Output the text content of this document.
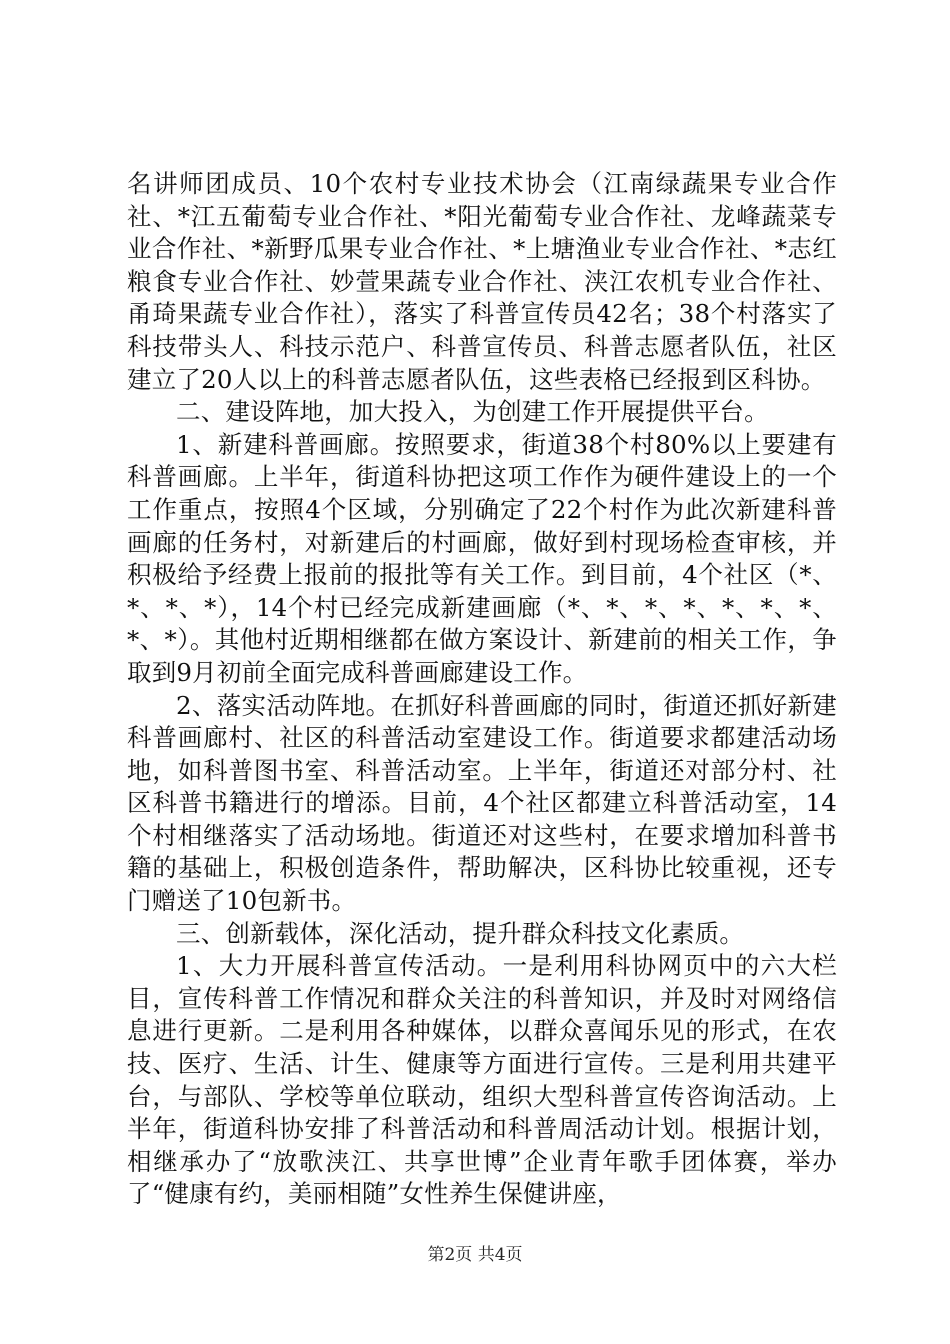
名讲师团成员、10个农村专业技术协会（江南绿蔬果专业合作社、*江五葡萄专业合作社、*阳光葡萄专业合作社、龙峰蔬菜专业合作社、*新野瓜果专业合作社、*上塘渔业专业合作社、*志红粮食专业合作社、妙萱果蔬专业合作社、浃江农机专业合作社、甬琦果蔬专业合作社），落实了科普宣传员42名；38个村落实了科技带头人、科技示范户、科普宣传员、科普志愿者队伍，社区建立了20人以上的科普志愿者队伍，这些表格已经报到区科协。

二、建设阵地，加大投入，为创建工作开展提供平台。

1、新建科普画廊。按照要求，街道38个村80%以上要建有科普画廊。上半年，街道科协把这项工作作为硬件建设上的一个工作重点，按照4个区域，分别确定了22个村作为此次新建科普画廊的任务村，对新建后的村画廊，做好到村现场检查审核，并积极给予经费上报前的报批等有关工作。到目前，4个社区（*、*、*、*），14个村已经完成新建画廊（*、*、*、*、*、*、*、*、*）。其他村近期相继都在做方案设计、新建前的相关工作，争取到9月初前全面完成科普画廊建设工作。

2、落实活动阵地。在抓好科普画廊的同时，街道还抓好新建科普画廊村、社区的科普活动室建设工作。街道要求都建活动场地，如科普图书室、科普活动室。上半年，街道还对部分村、社区科普书籍进行的增添。目前，4个社区都建立科普活动室，14个村相继落实了活动场地。街道还对这些村，在要求增加科普书籍的基础上，积极创造条件，帮助解决，区科协比较重视，还专门赠送了10包新书。

三、创新载体，深化活动，提升群众科技文化素质。

1、大力开展科普宣传活动。一是利用科协网页中的六大栏目，宣传科普工作情况和群众关注的科普知识，并及时对网络信息进行更新。二是利用各种媒体，以群众喜闻乐见的形式，在农技、医疗、生活、计生、健康等方面进行宣传。三是利用共建平台，与部队、学校等单位联动，组织大型科普宣传咨询活动。上半年，街道科协安排了科普活动和科普周活动计划。根据计划，相继承办了“放歌浃江、共享世博”企业青年歌手团体赛，举办了“健康有约，美丽相随”女性养生保健讲座，

第2页 共4页
